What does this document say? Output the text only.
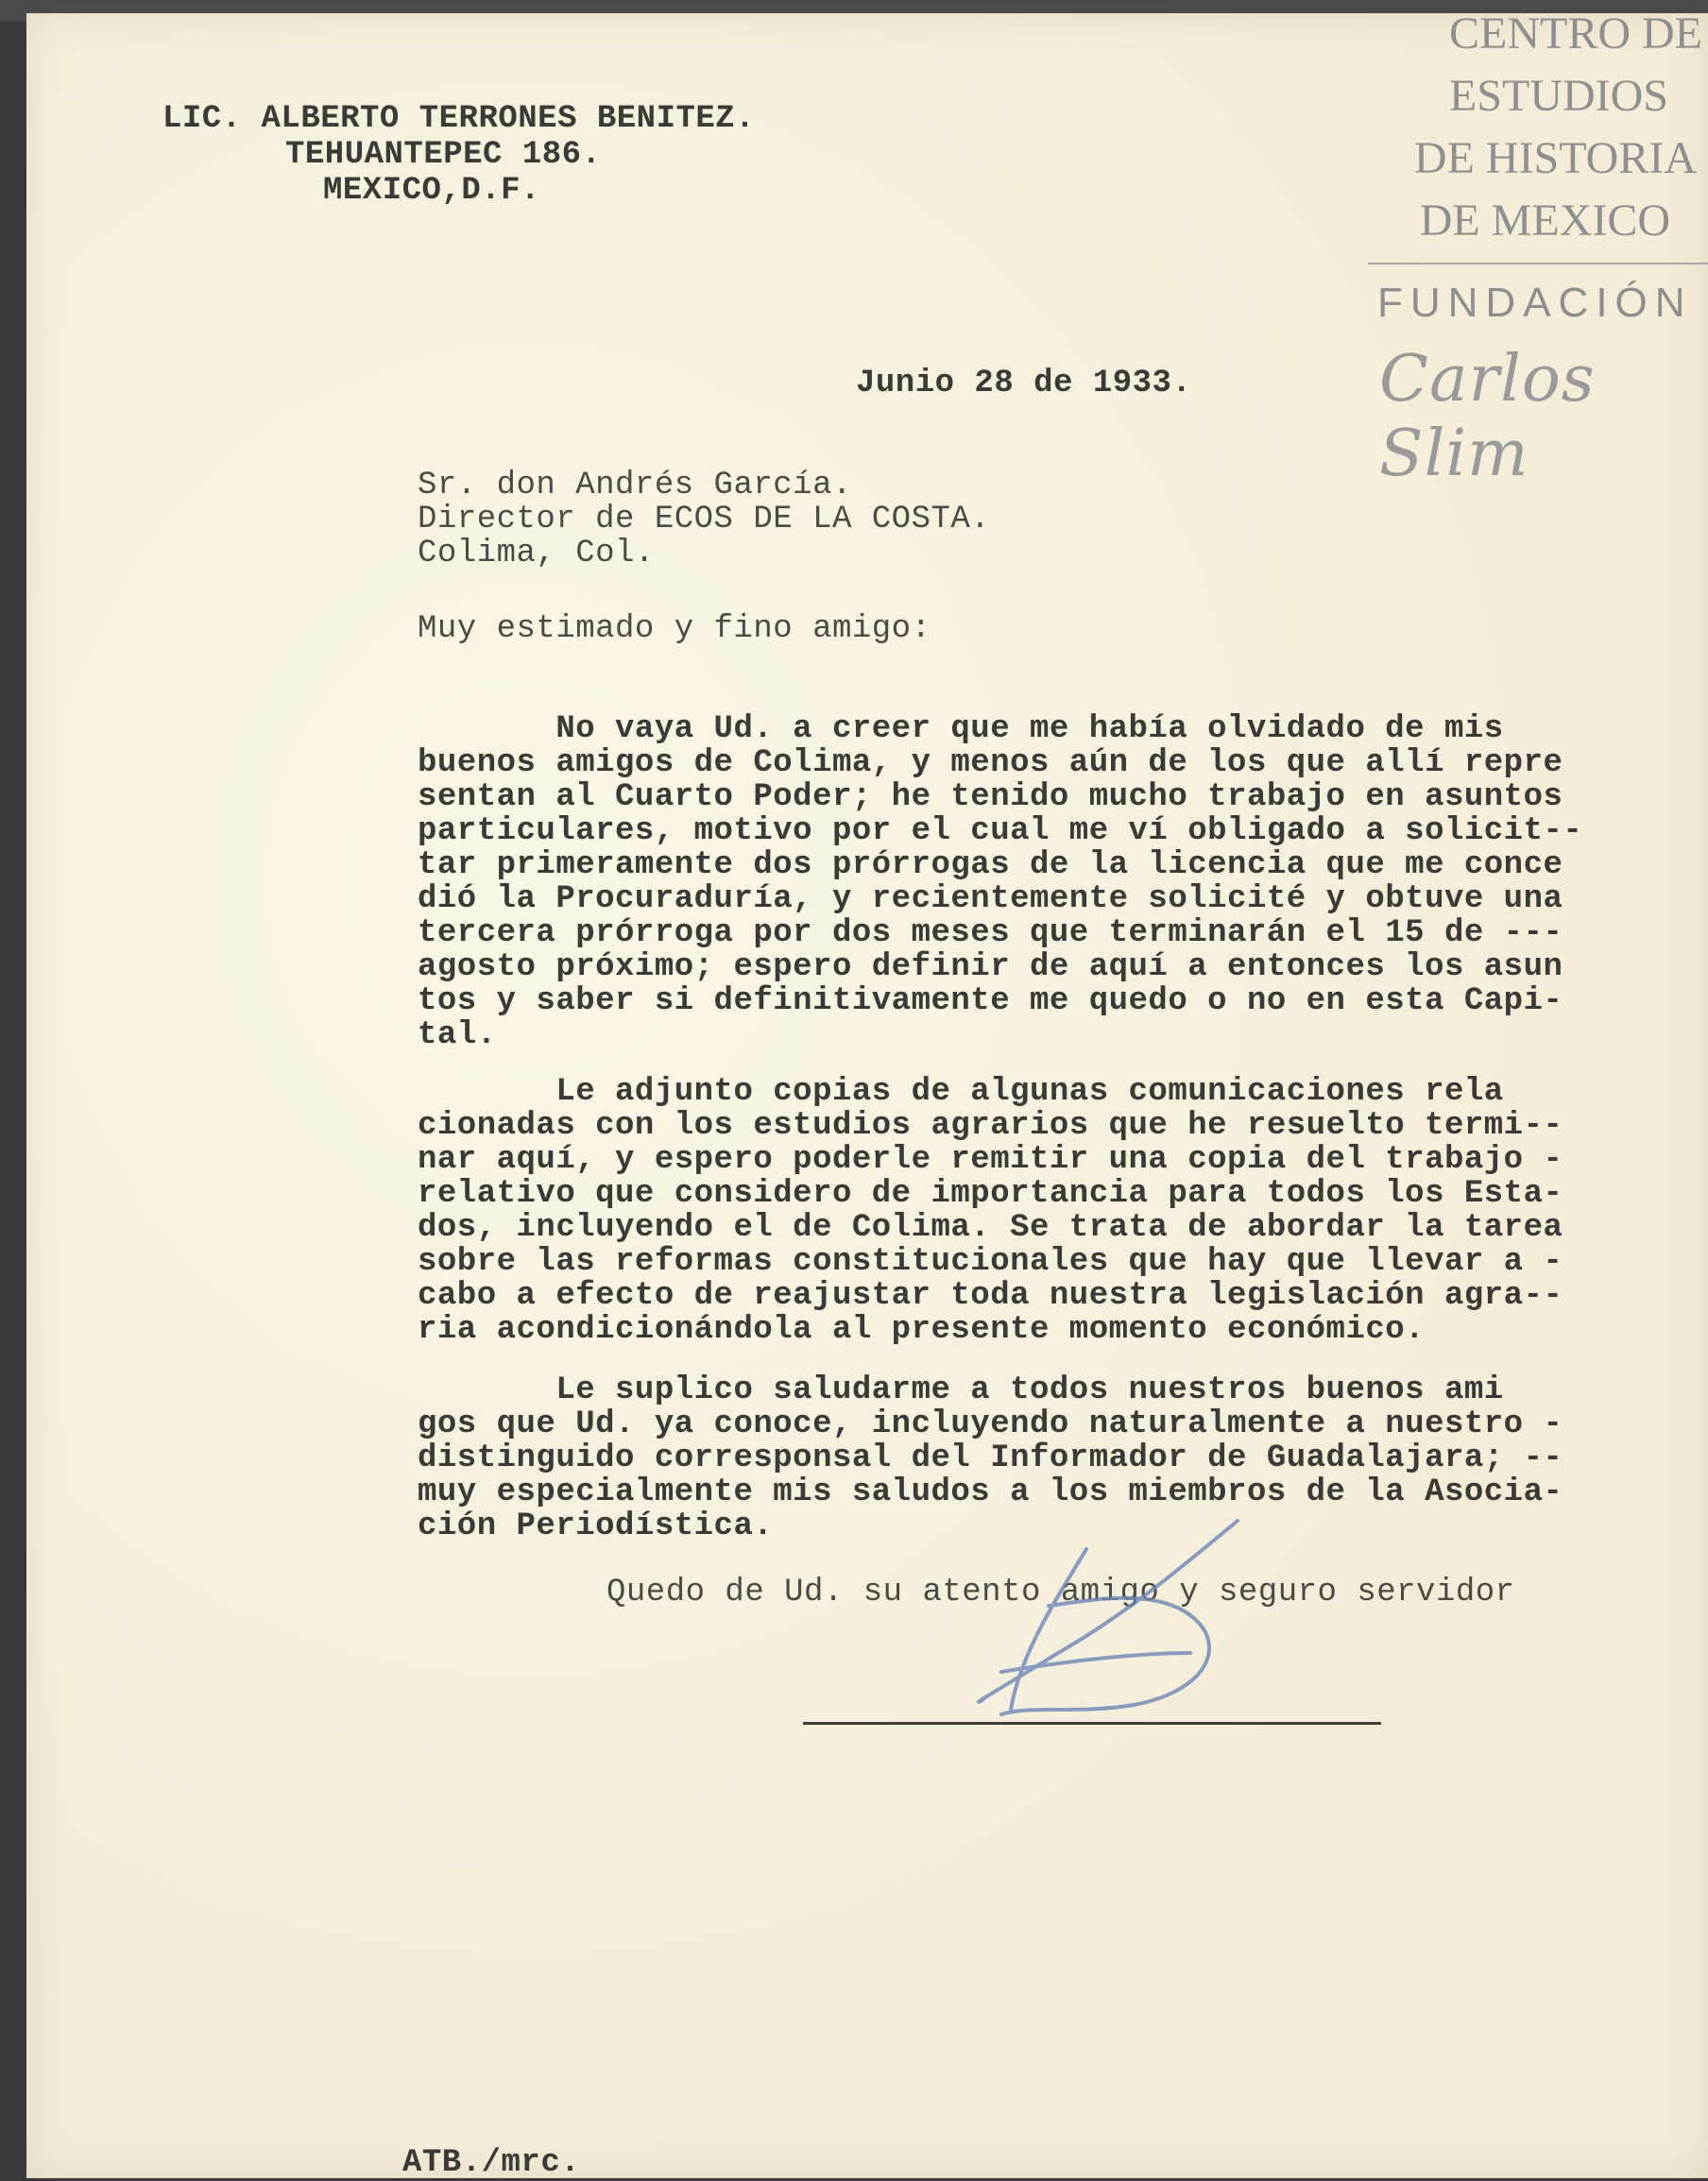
LIC. ALBERTO TERRONES BENITEZ.
TEHUANTEPEC 186.
MEXICO,D.F.
Junio 28 de 1933.
Sr. don Andrés García.
Director de ECOS DE LA COSTA.
Colima, Col.
Muy estimado y fino amigo:

No vaya Ud. a creer que me había olvidado de mis

buenos amigos de Colima, y menos aún de los que allí repre

sentan al Cuarto Poder; he tenido mucho trabajo en asuntos

particulares, motivo por el cual me ví obligado a solicit--

tar primeramente dos prórrogas de la licencia que me conce

dió la Procuraduría, y recientemente solicité y obtuve una

tercera prórroga por dos meses que terminarán el 15 de ---

agosto próximo; espero definir de aquí a entonces los asun

tos y saber si definitivamente me quedo o no en esta Capi-

tal.

Le adjunto copias de algunas comunicaciones rela

cionadas con los estudios agrarios que he resuelto termi--

nar aquí, y espero poderle remitir una copia del trabajo -

relativo que considero de importancia para todos los Esta-

dos, incluyendo el de Colima. Se trata de abordar la tarea

sobre las reformas constitucionales que hay que llevar a -

cabo a efecto de reajustar toda nuestra legislación agra--

ria acondicionándola al presente momento económico.

Le suplico saludarme a todos nuestros buenos ami

gos que Ud. ya conoce, incluyendo naturalmente a nuestro -

distinguido corresponsal del Informador de Guadalajara; --

muy especialmente mis saludos a los miembros de la Asocia-

ción Periodística.

Quedo de Ud. su atento amigo y seguro servidor
ATB./mrc.
CENTRO DE
ESTUDIOS
DE HISTORIA
DE MEXICO
FUNDACIÓN
Carlos Slim
